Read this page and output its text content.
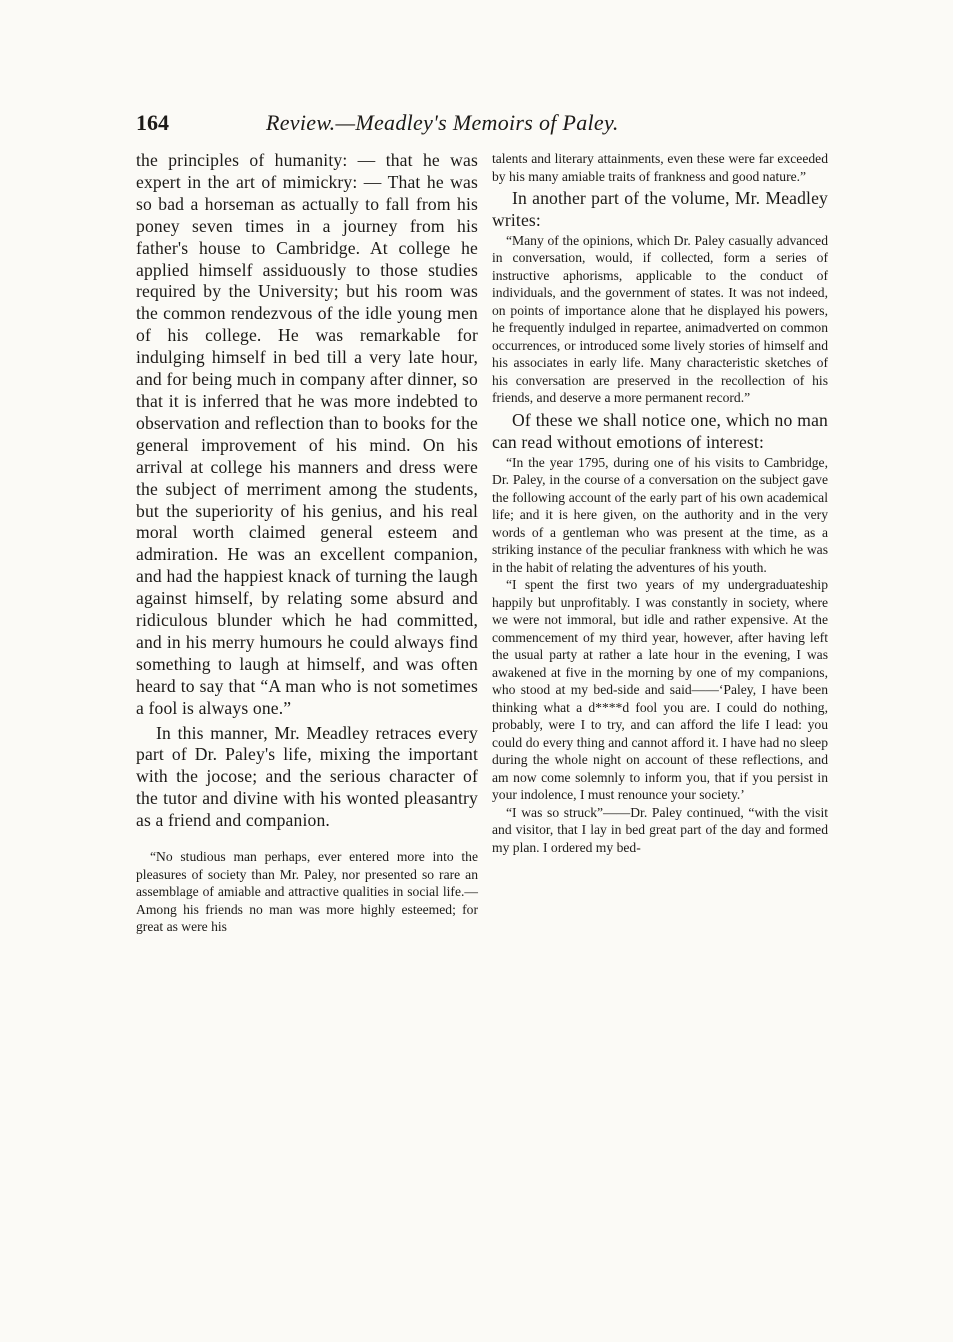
164	Review.—Meadley's Memoirs of Paley.

the principles of humanity: — that he was expert in the art of mimickry: — That he was so bad a horseman as actually to fall from his poney seven times in a journey from his father's house to Cambridge. At college he applied himself assiduously to those studies required by the University; but his room was the common rendezvous of the idle young men of his college. He was remarkable for indulging himself in bed till a very late hour, and for being much in company after dinner, so that it is inferred that he was more indebted to observation and reflection than to books for the general improvement of his mind. On his arrival at college his manners and dress were the subject of merriment among the students, but the superiority of his genius, and his real moral worth claimed general esteem and admiration. He was an excellent companion, and had the happiest knack of turning the laugh against himself, by relating some absurd and ridiculous blunder which he had committed, and in his merry humours he could always find something to laugh at himself, and was often heard to say that “A man who is not sometimes a fool is always one.”

In this manner, Mr. Meadley retraces every part of Dr. Paley's life, mixing the important with the jocose; and the serious character of the tutor and divine with his wonted pleasantry as a friend and companion.

“No studious man perhaps, ever entered more into the pleasures of society than Mr. Paley, nor presented so rare an assemblage of amiable and attractive qualities in social life.—Among his friends no man was more highly esteemed; for great as were his

talents and literary attainments, even these were far exceeded by his many amiable traits of frankness and good nature.”

In another part of the volume, Mr. Meadley writes:

“Many of the opinions, which Dr. Paley casually advanced in conversation, would, if collected, form a series of instructive aphorisms, applicable to the conduct of individuals, and the government of states. It was not indeed, on points of importance alone that he displayed his powers, he frequently indulged in repartee, animadverted on common occurrences, or introduced some lively stories of himself and his associates in early life. Many characteristic sketches of his conversation are preserved in the recollection of his friends, and deserve a more permanent record.”

Of these we shall notice one, which no man can read without emotions of interest:

“In the year 1795, during one of his visits to Cambridge, Dr. Paley, in the course of a conversation on the subject gave the following account of the early part of his own academical life; and it is here given, on the authority and in the very words of a gentleman who was present at the time, as a striking instance of the peculiar frankness with which he was in the habit of relating the adventures of his youth.

“I spent the first two years of my undergraduateship happily but unprofitably. I was constantly in society, where we were not immoral, but idle and rather expensive. At the commencement of my third year, however, after having left the usual party at rather a late hour in the evening, I was awakened at five in the morning by one of my companions, who stood at my bed-side and said——‘Paley, I have been thinking what a d****d fool you are. I could do nothing, probably, were I to try, and can afford the life I lead: you could do every thing and cannot afford it. I have had no sleep during the whole night on account of these reflections, and am now come solemnly to inform you, that if you persist in your indolence, I must renounce your society.’

“I was so struck”——Dr. Paley continued, “with the visit and visitor, that I lay in bed great part of the day and formed my plan. I ordered my bed-
